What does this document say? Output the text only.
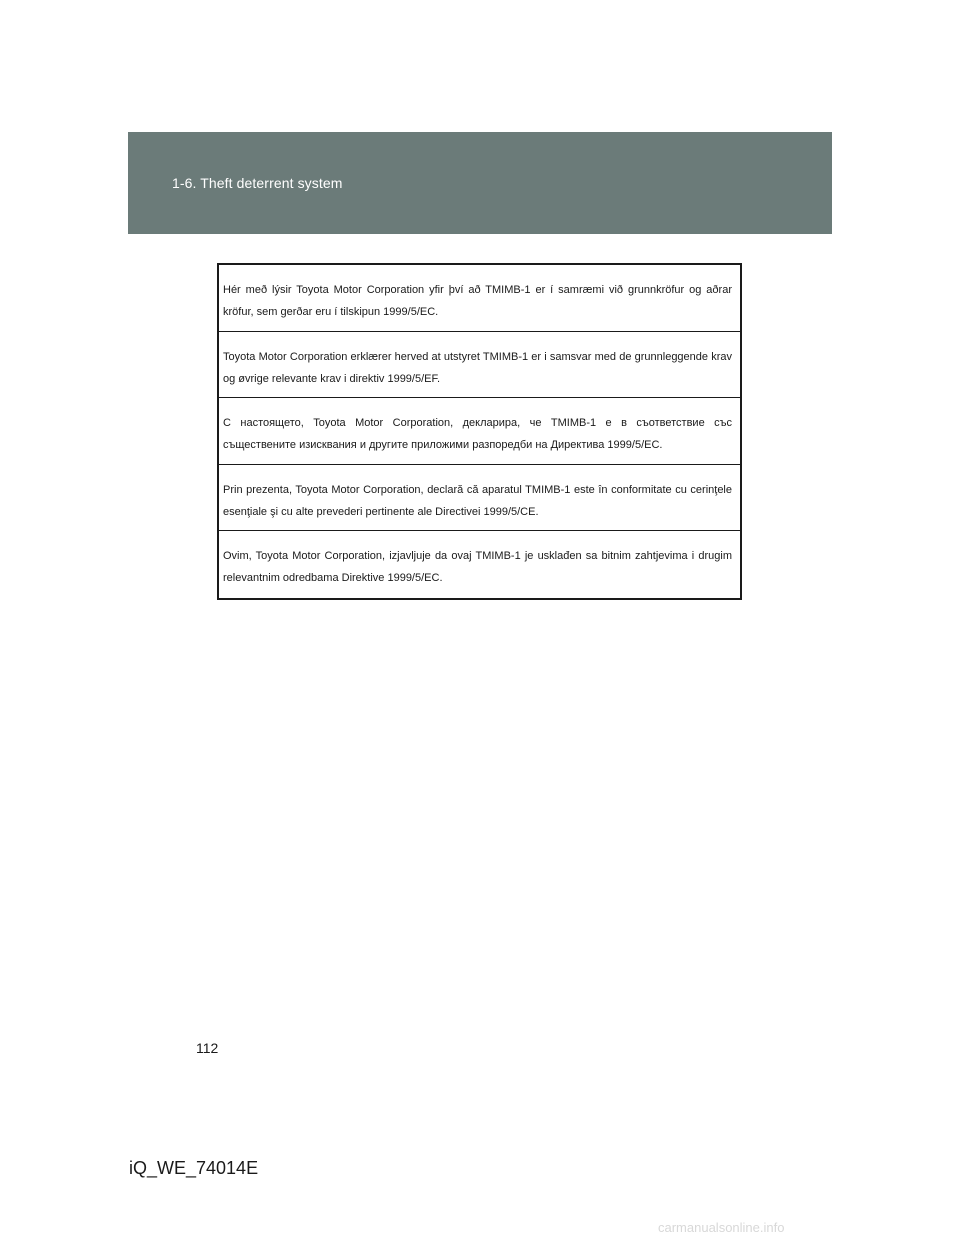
1-6. Theft deterrent system
Hér með lýsir Toyota Motor Corporation yfir því að TMIMB-1 er í samræmi við grunnkröfur og aðrar kröfur, sem gerðar eru í tilskipun 1999/5/EC.
Toyota Motor Corporation erklærer herved at utstyret TMIMB-1 er i samsvar med de grunnleggende krav og øvrige relevante krav i direktiv 1999/5/EF.
С настоящето, Toyota Motor Corporation, декларира, че TMIMB-1 е в съответствие със съществените изисквания и другите приложими разпоредби на Директива 1999/5/ЕС.
Prin prezenta, Toyota Motor Corporation, declară că aparatul TMIMB-1 este în conformitate cu cerinţele esenţiale şi cu alte prevederi pertinente ale Directivei 1999/5/CE.
Ovim, Toyota Motor Corporation, izjavljuje da ovaj TMIMB-1 je usklađen sa bitnim zahtjevima i drugim relevantnim odredbama Direktive 1999/5/EC.
112
iQ_WE_74014E
carmanualsonline.info
